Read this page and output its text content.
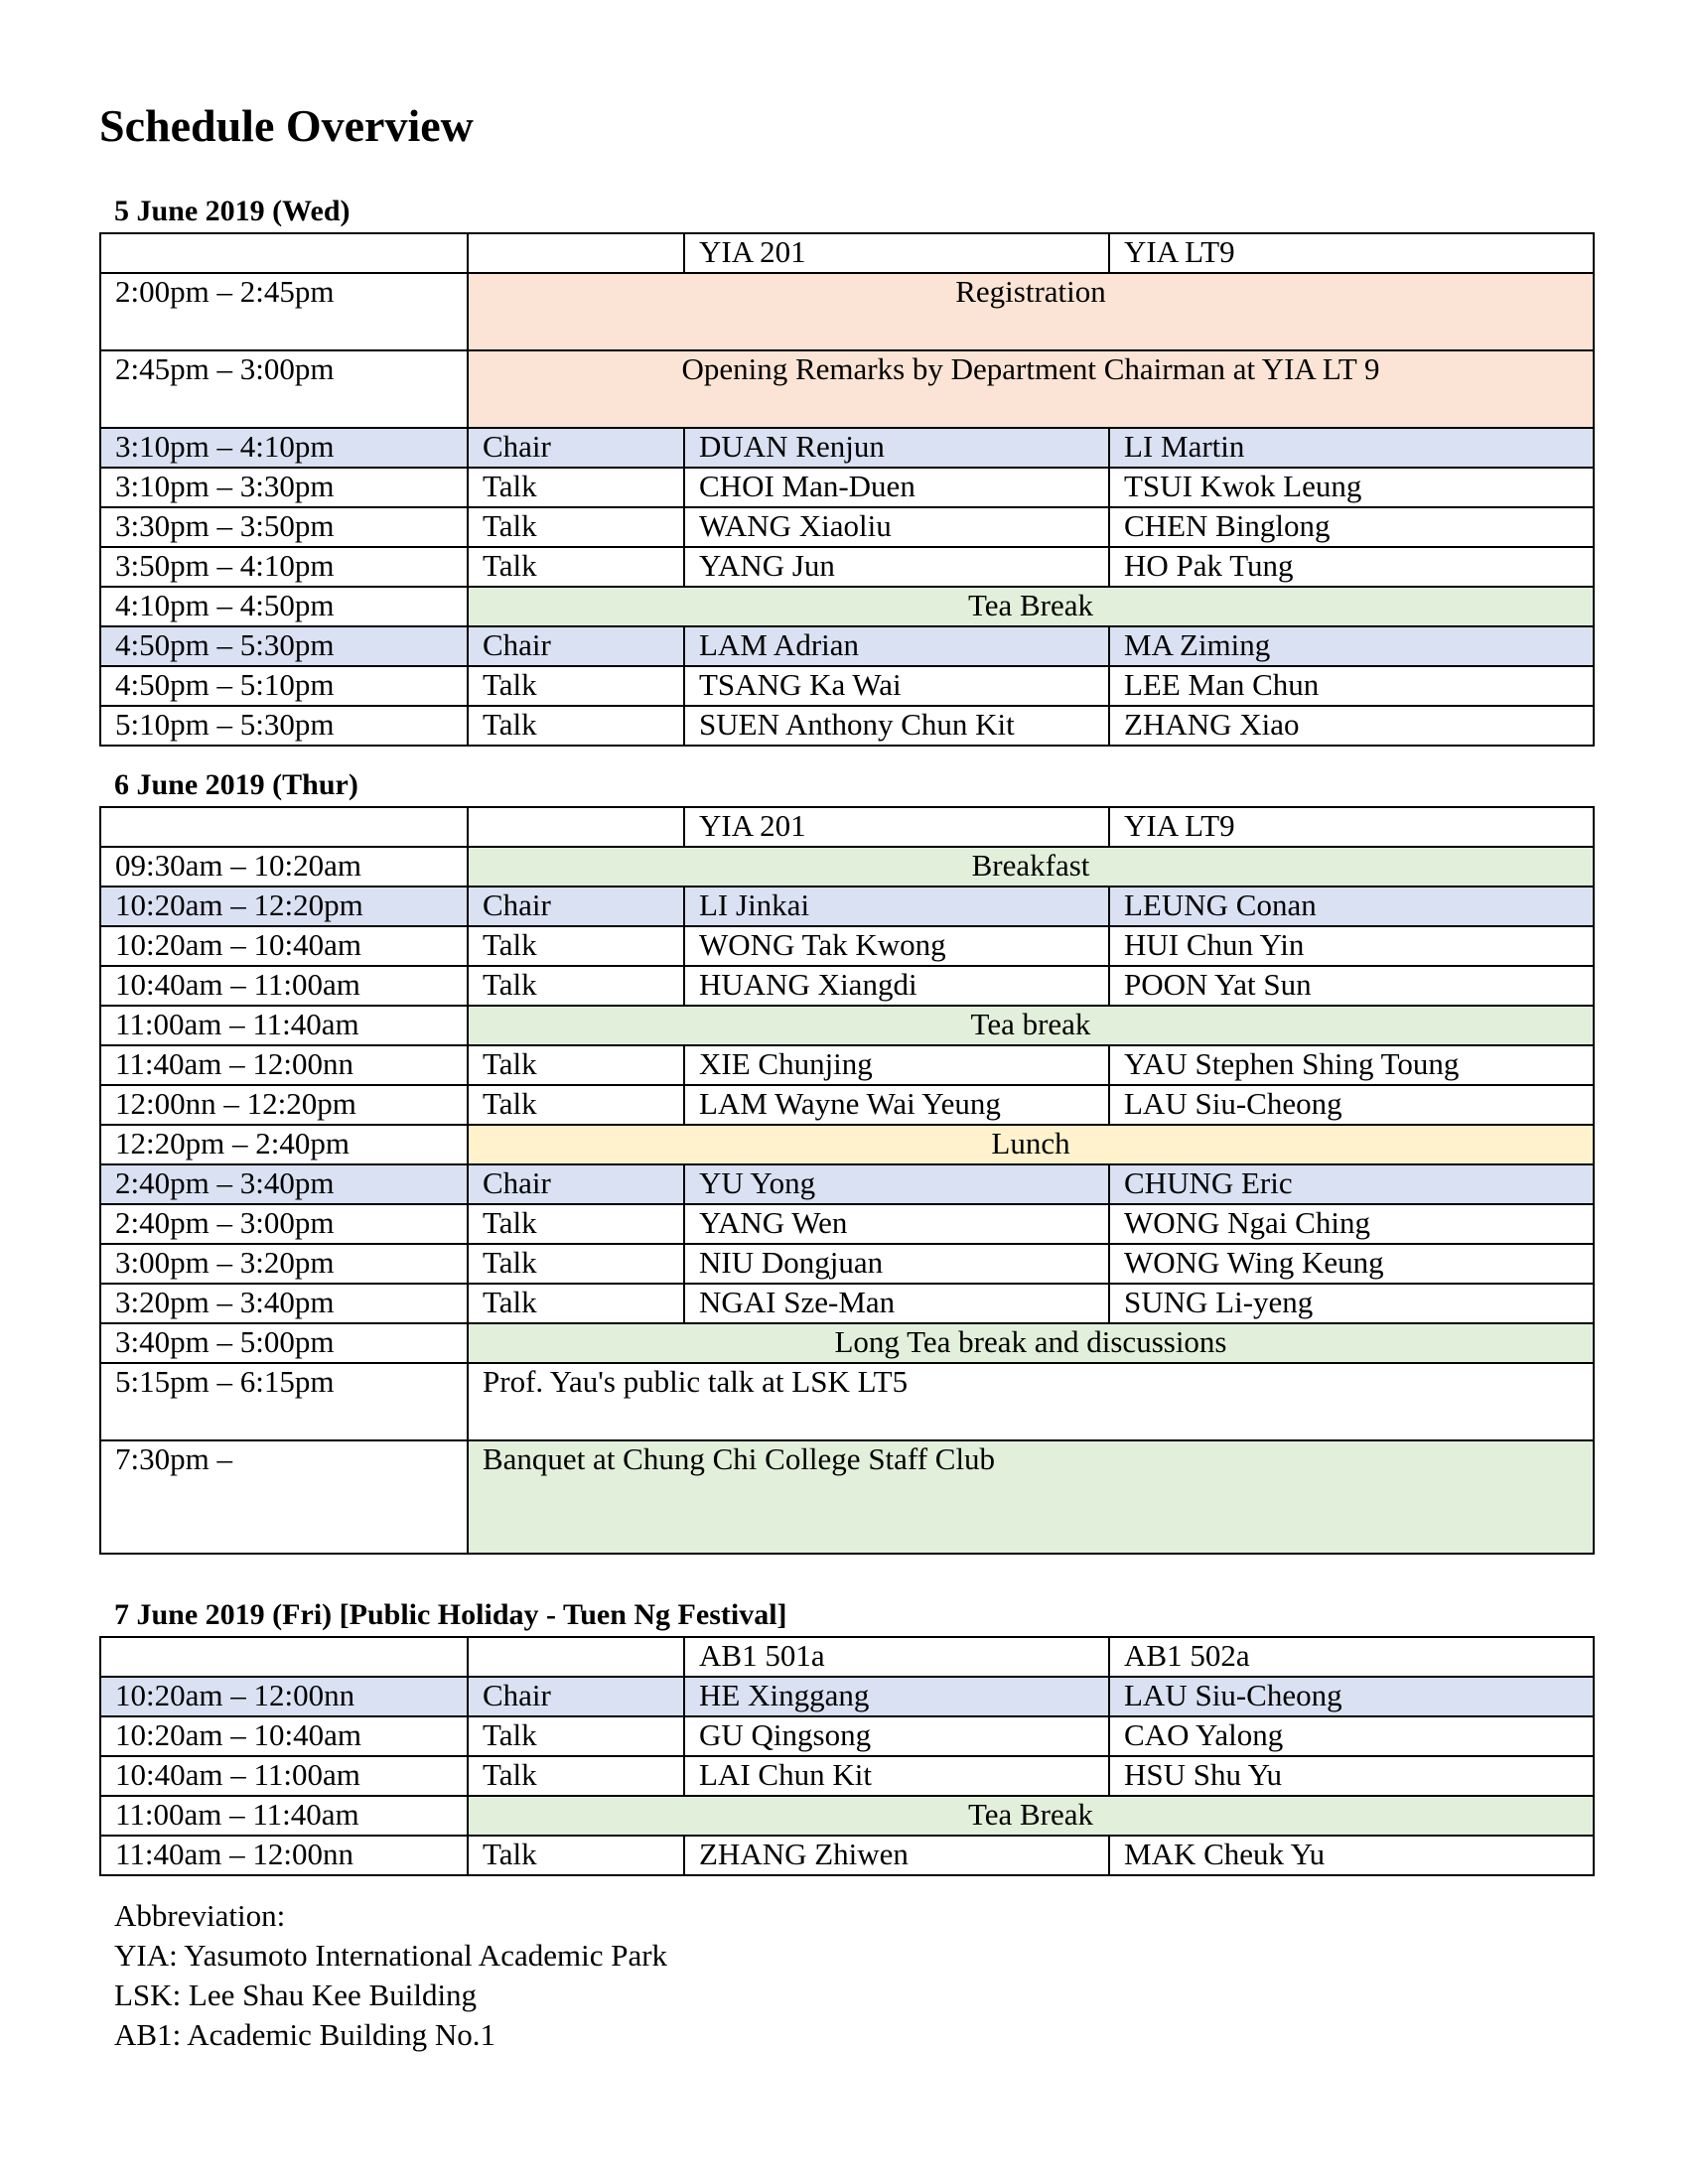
Schedule Overview
5 June 2019 (Wed)
		YIA 201	YIA LT9
2:00pm – 2:45pm	Registration		
2:45pm – 3:00pm	Opening Remarks by Department Chairman at YIA LT 9		
3:10pm – 4:10pm	Chair	DUAN Renjun	LI Martin
3:10pm – 3:30pm	Talk	CHOI Man-Duen	TSUI Kwok Leung
3:30pm – 3:50pm	Talk	WANG Xiaoliu	CHEN Binglong
3:50pm – 4:10pm	Talk	YANG Jun	HO Pak Tung
4:10pm – 4:50pm	Tea Break		
4:50pm – 5:30pm	Chair	LAM Adrian	MA Ziming
4:50pm – 5:10pm	Talk	TSANG Ka Wai	LEE Man Chun
5:10pm – 5:30pm	Talk	SUEN Anthony Chun Kit	ZHANG Xiao
6 June 2019 (Thur)
		YIA 201	YIA LT9
09:30am – 10:20am	Breakfast		
10:20am – 12:20pm	Chair	LI Jinkai	LEUNG Conan
10:20am – 10:40am	Talk	WONG Tak Kwong	HUI Chun Yin
10:40am – 11:00am	Talk	HUANG Xiangdi	POON Yat Sun
11:00am – 11:40am	Tea break		
11:40am – 12:00nn	Talk	XIE Chunjing	YAU Stephen Shing Toung
12:00nn – 12:20pm	Talk	LAM Wayne Wai Yeung	LAU Siu-Cheong
12:20pm – 2:40pm	Lunch		
2:40pm – 3:40pm	Chair	YU Yong	CHUNG Eric
2:40pm – 3:00pm	Talk	YANG Wen	WONG Ngai Ching
3:00pm – 3:20pm	Talk	NIU Dongjuan	WONG Wing Keung
3:20pm – 3:40pm	Talk	NGAI Sze-Man	SUNG Li-yeng
3:40pm – 5:00pm	Long Tea break and discussions		
5:15pm – 6:15pm	Prof. Yau's public talk at LSK LT5		
7:30pm –	Banquet at Chung Chi College Staff Club		
7 June 2019 (Fri) [Public Holiday - Tuen Ng Festival]
		AB1 501a	AB1 502a
10:20am – 12:00nn	Chair	HE Xinggang	LAU Siu-Cheong
10:20am – 10:40am	Talk	GU Qingsong	CAO Yalong
10:40am – 11:00am	Talk	LAI Chun Kit	HSU Shu Yu
11:00am – 11:40am	Tea Break		
11:40am – 12:00nn	Talk	ZHANG Zhiwen	MAK Cheuk Yu
Abbreviation:
YIA: Yasumoto International Academic Park
LSK: Lee Shau Kee Building
AB1: Academic Building No.1
